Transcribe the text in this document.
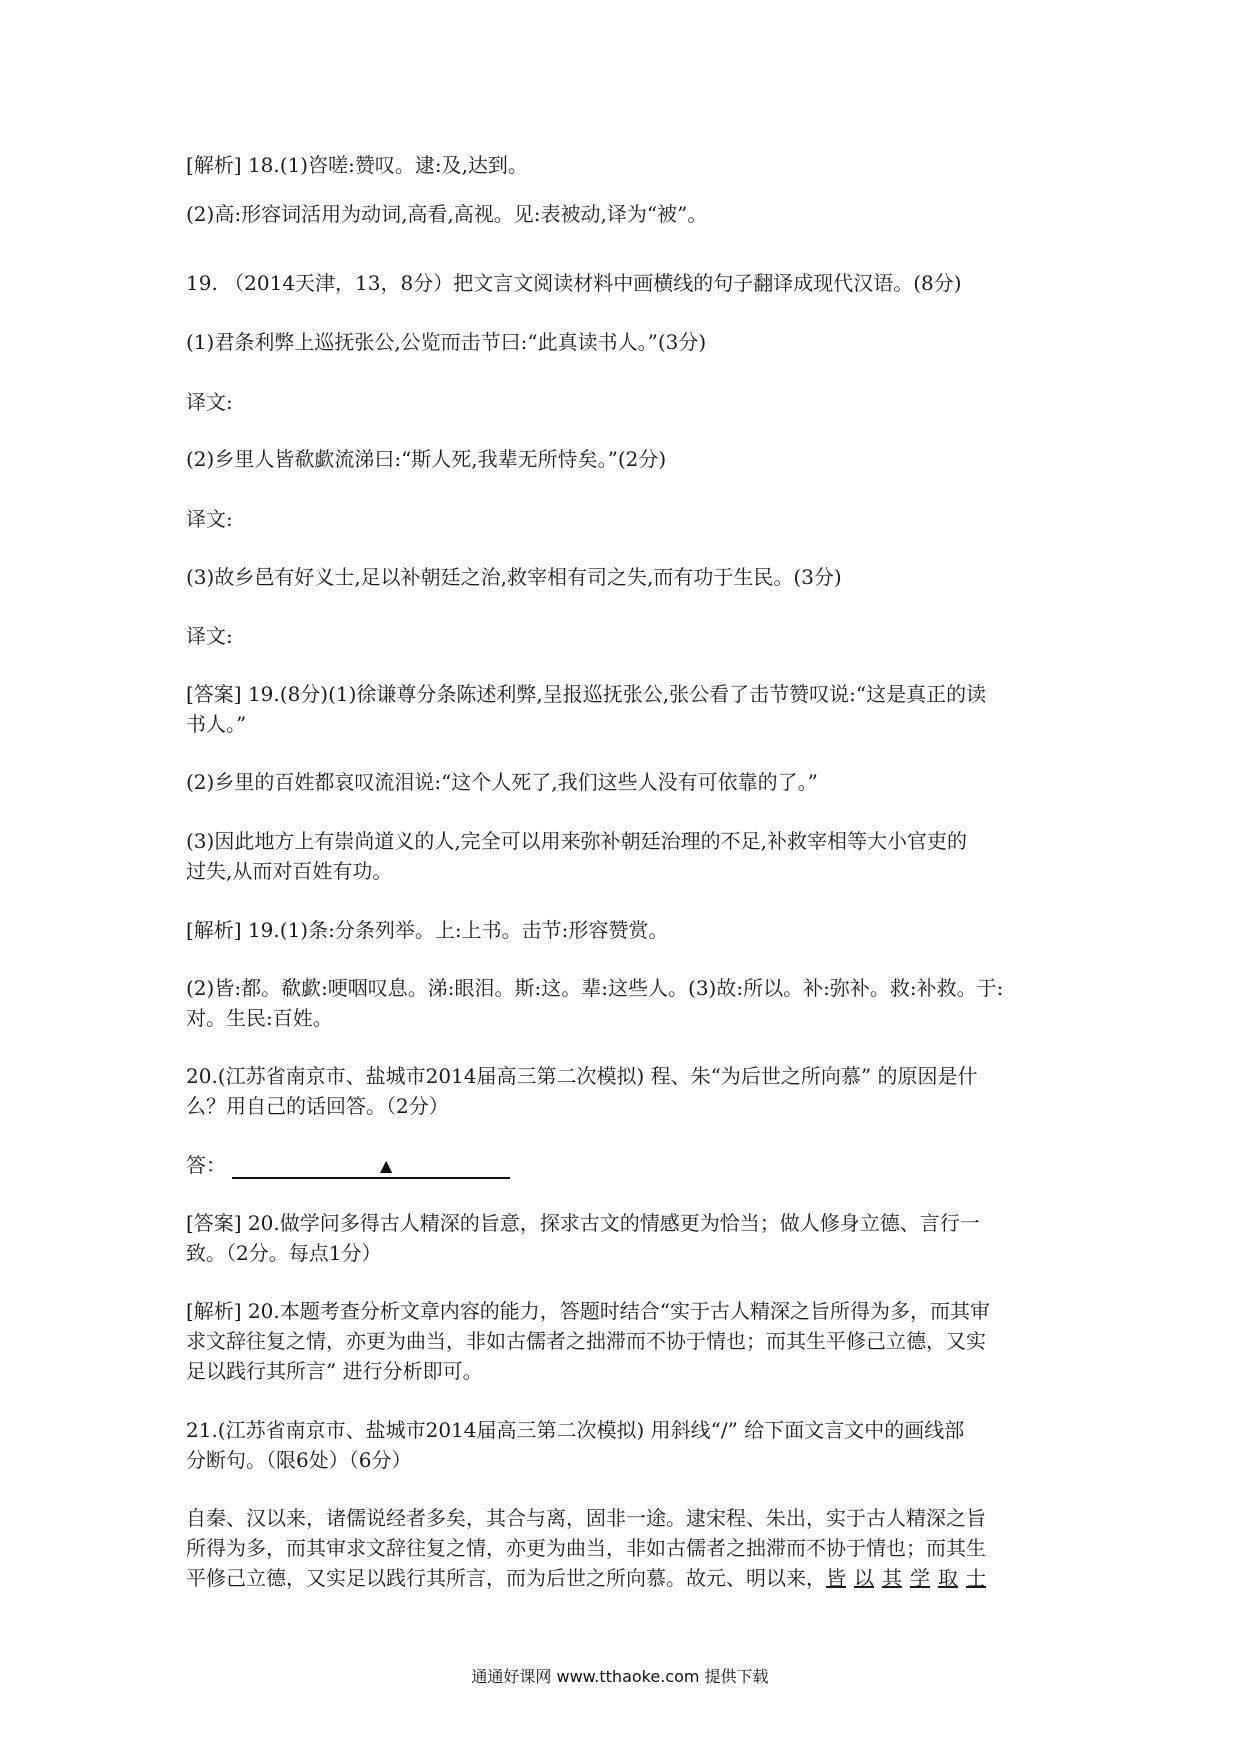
[解析] 18.(1)咨嗟:赞叹。逮:及,达到。
(2)高:形容词活用为动词,高看,高视。见:表被动,译为“被”。
19. （2014天津，13，8分）把文言文阅读材料中画横线的句子翻译成现代汉语。(8分)
(1)君条利弊上巡抚张公,公览而击节曰:“此真读书人。”(3分)
译文:
(2)乡里人皆欷歔流涕曰:“斯人死,我辈无所恃矣。”(2分)
译文:
(3)故乡邑有好义士,足以补朝廷之治,救宰相有司之失,而有功于生民。(3分)
译文:
[答案] 19.(8分)(1)徐谦尊分条陈述利弊,呈报巡抚张公,张公看了击节赞叹说:“这是真正的读
书人。”
(2)乡里的百姓都哀叹流泪说:“这个人死了,我们这些人没有可依靠的了。”
(3)因此地方上有崇尚道义的人,完全可以用来弥补朝廷治理的不足,补救宰相等大小官吏的
过失,从而对百姓有功。
[解析] 19.(1)条:分条列举。上:上书。击节:形容赞赏。
(2)皆:都。欷歔:哽咽叹息。涕:眼泪。斯:这。辈:这些人。(3)故:所以。补:弥补。救:补救。于:
对。生民:百姓。
20.(江苏省南京市、盐城市2014届高三第二次模拟) 程、朱“为后世之所向慕” 的原因是什
么？用自己的话回答。（2分）
答：	▲
[答案] 20.做学问多得古人精深的旨意，探求古文的情感更为恰当；做人修身立德、言行一
致。（2分。每点1分）
[解析] 20.本题考查分析文章内容的能力，答题时结合“实于古人精深之旨所得为多，而其审
求文辞往复之情，亦更为曲当，非如古儒者之拙滞而不协于情也；而其生平修己立德，又实
足以践行其所言” 进行分析即可。
21.(江苏省南京市、盐城市2014届高三第二次模拟) 用斜线“/” 给下面文言文中的画线部
分断句。（限6处）（6分）
自秦、汉以来，诸儒说经者多矣，其合与离，固非一途。逮宋程、朱出，实于古人精深之旨
所得为多，而其审求文辞往复之情，亦更为曲当，非如古儒者之拙滞而不协于情也；而其生
平修己立德，又实足以践行其所言，而为后世之所向慕。故元、明以来，皆 以 其 学 取 士
通通好课网 www.tthaoke.com 提供下载
